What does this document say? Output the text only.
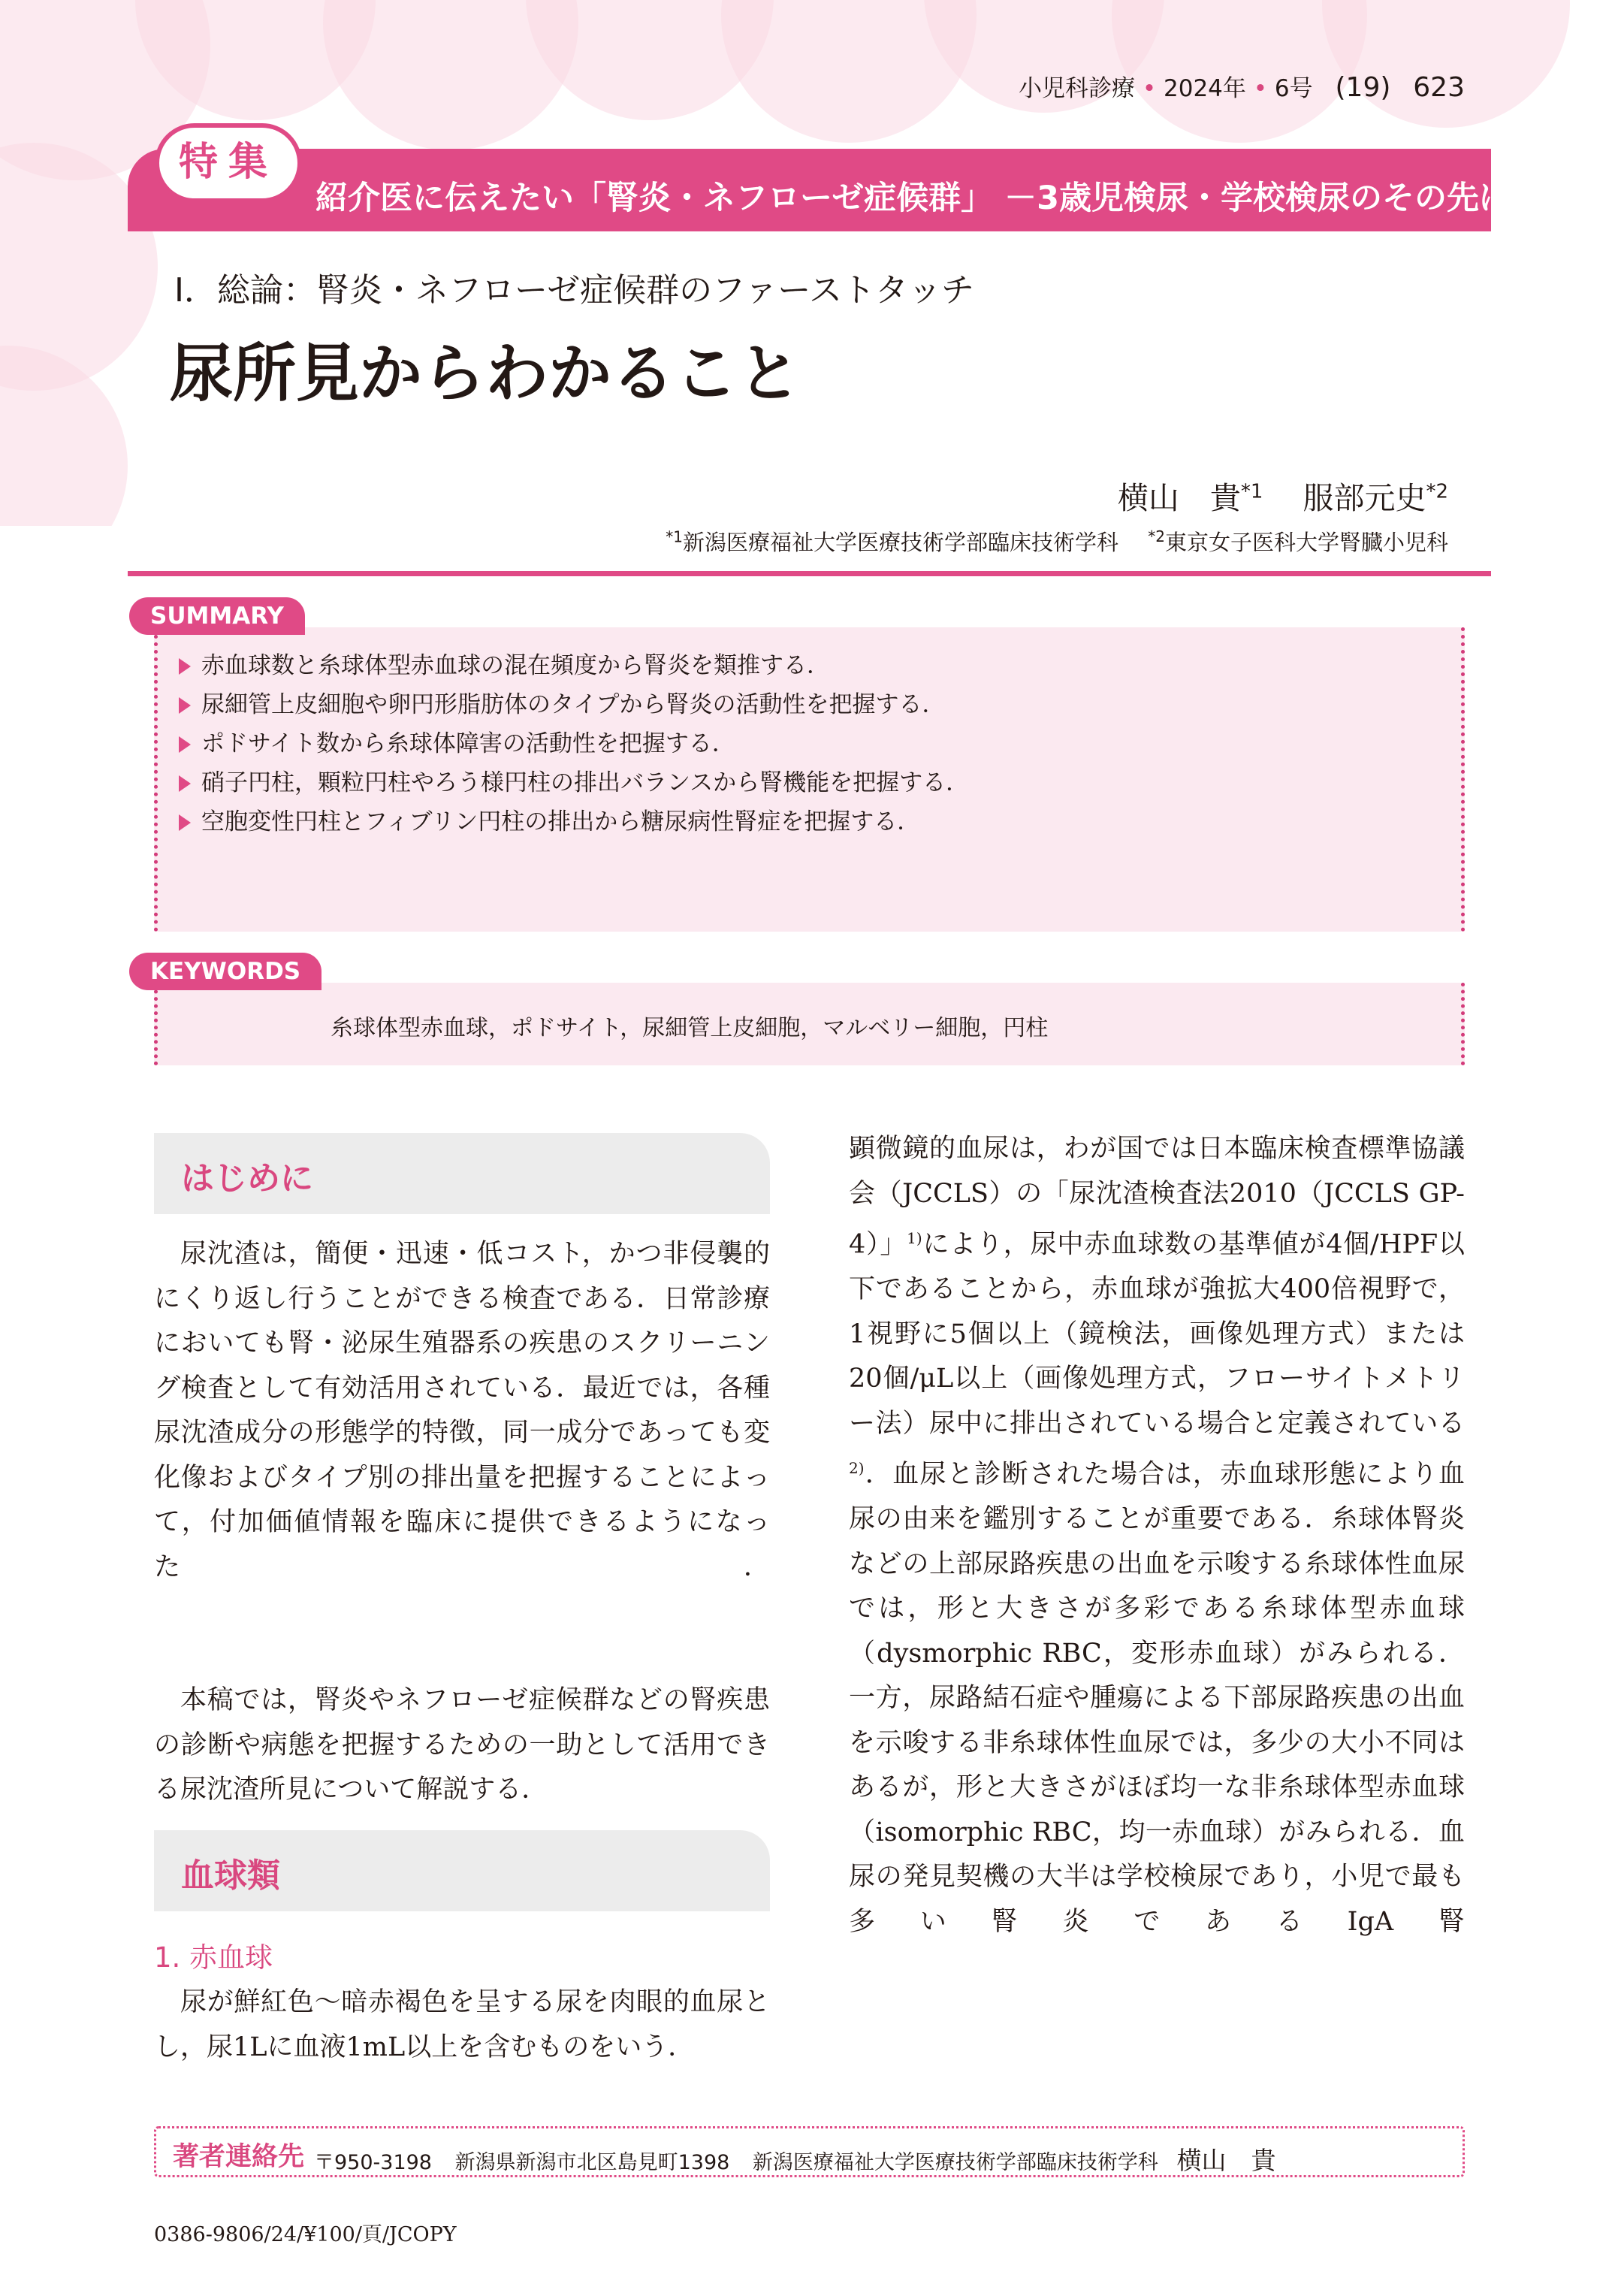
小児科診療 • 2024年 • 6号 (19) 623
特集
紹介医に伝えたい「腎炎・ネフローゼ症候群」 －3歳児検尿・学校検尿のその先は？－
Ⅰ．総論：腎炎・ネフローゼ症候群のファーストタッチ
尿所見からわかること
横山　貴$^{*1}$ 服部元史$^{*2}$
$^{*1}$新潟医療福祉大学医療技術学部臨床技術学科 $^{*2}$東京女子医科大学腎臓小児科
SUMMARY
赤血球数と糸球体型赤血球の混在頻度から腎炎を類推する．
尿細管上皮細胞や卵円形脂肪体のタイプから腎炎の活動性を把握する．
ポドサイト数から糸球体障害の活動性を把握する．
硝子円柱，顆粒円柱やろう様円柱の排出バランスから腎機能を把握する．
空胞変性円柱とフィブリン円柱の排出から糖尿病性腎症を把握する．
KEYWORDS
糸球体型赤血球，ポドサイト，尿細管上皮細胞，マルベリー細胞，円柱
はじめに

尿沈渣は，簡便・迅速・低コスト，かつ非侵襲的にくり返し行うことができる検査である．日常診療においても腎・泌尿生殖器系の疾患のスクリーニング検査として有効活用されている．最近では，各種尿沈渣成分の形態学的特徴，同一成分であっても変化像およびタイプ別の排出量を把握することによって，付加価値情報を臨床に提供できるようになった．

本稿では，腎炎やネフローゼ症候群などの腎疾患の診断や病態を把握するための一助として活用できる尿沈渣所見について解説する．

血球類
1. 赤血球

尿が鮮紅色～暗赤褐色を呈する尿を肉眼的血尿とし，尿1Lに血液1mL以上を含むものをいう．

顕微鏡的血尿は，わが国では日本臨床検査標準協議会（JCCLS）の「尿沈渣検査法2010（JCCLS GP-4）」$^{1)}$により，尿中赤血球数の基準値が4個/HPF以下であることから，赤血球が強拡大400倍視野で，1視野に5個以上（鏡検法，画像処理方式）または20個/μL以上（画像処理方式，フローサイトメトリー法）尿中に排出されている場合と定義されている$^{2)}$．血尿と診断された場合は，赤血球形態により血尿の由来を鑑別することが重要である．糸球体腎炎などの上部尿路疾患の出血を示唆する糸球体性血尿では，形と大きさが多彩である糸球体型赤血球（dysmorphic RBC，変形赤血球）がみられる．一方，尿路結石症や腫瘍による下部尿路疾患の出血を示唆する非糸球体性血尿では，多少の大小不同はあるが，形と大きさがほぼ均一な非糸球体型赤血球（isomorphic RBC，均一赤血球）がみられる．血尿の発見契機の大半は学校検尿であり，小児で最も多い腎炎であるIgA腎

著者連絡先 〒950-3198 新潟県新潟市北区島見町1398 新潟医療福祉大学医療技術学部臨床技術学科 横山　貴
0386-9806/24/¥100/頁/JCOPY
